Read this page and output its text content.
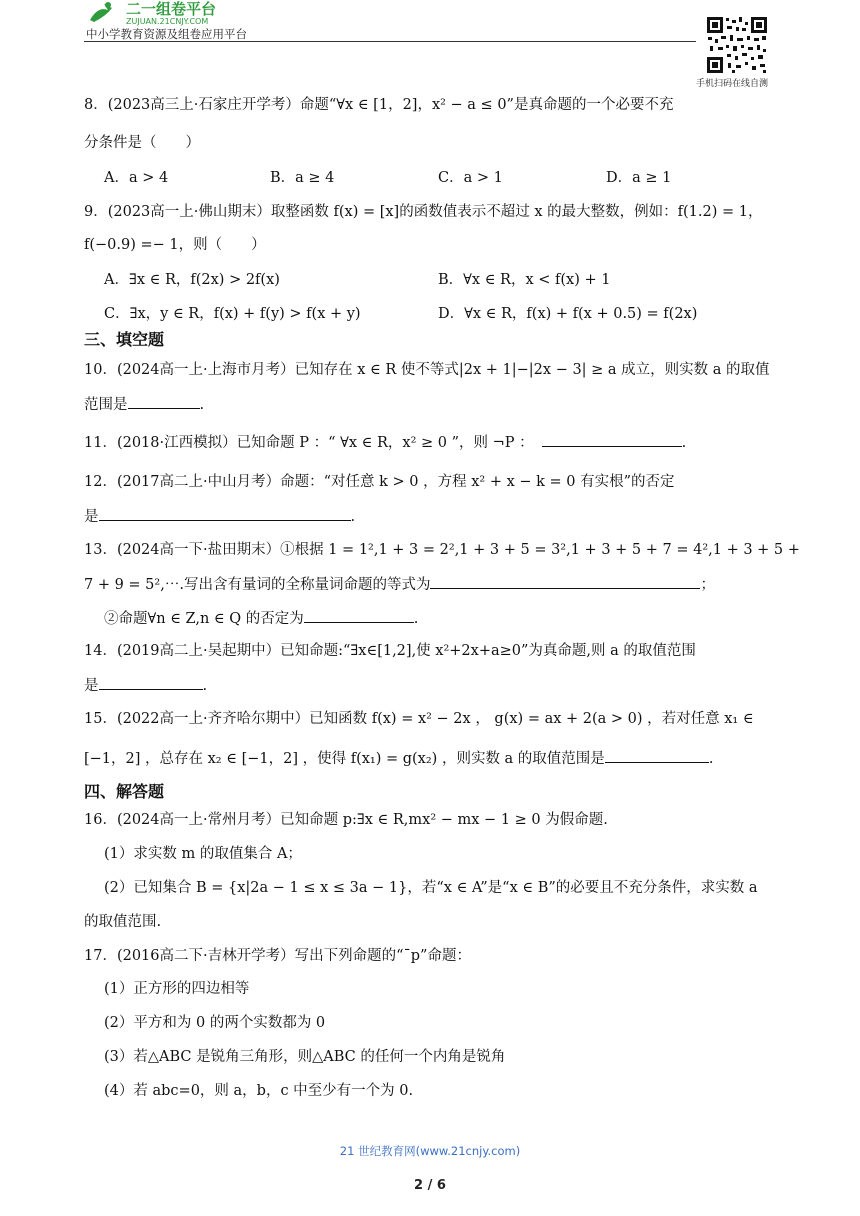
二一组卷平台
ZUJUAN.21CNJY.COM
中小学教育资源及组卷应用平台
手机扫码在线自测
8．(2023高三上·石家庄开学考）命题“∀x ∈ [1，2]，x² − a ≤ 0”是真命题的一个必要不充
分条件是（　　）
A．a > 4	B．a ≥ 4	C．a > 1	D．a ≥ 1
9．(2023高一上·佛山期末）取整函数 f(x) = [x]的函数值表示不超过 x 的最大整数，例如：f(1.2) = 1，
f(−0.9) =− 1，则（　　）
A．∃x ∈ R，f(2x) > 2f(x)	B．∀x ∈ R，x < f(x) + 1
C．∃x，y ∈ R，f(x) + f(y) > f(x + y)	D．∀x ∈ R，f(x) + f(x + 0.5) = f(2x)
三、填空题
10．(2024高一上·上海市月考）已知存在 x ∈ R 使不等式|2x + 1|−|2x − 3| ≥ a 成立，则实数 a 的取值
范围是	.
11．(2018·江西模拟）已知命题 P ：“ ∀x ∈ R，x² ≥ 0 ”，则 ¬P ：	.
12．(2017高二上·中山月考）命题：“对任意 k > 0 ，方程 x² + x − k = 0 有实根”的否定
是	.
13．(2024高一下·盐田期末）①根据 1 = 1²,1 + 3 = 2²,1 + 3 + 5 = 3²,1 + 3 + 5 + 7 = 4²,1 + 3 + 5 +
7 + 9 = 5²,⋯.写出含有量词的全称量词命题的等式为	；
②命题∀n ∈ Z,n ∈ Q 的否定为	.
14．(2019高二上·吴起期中）已知命题:“∃x∈[1,2],使 x²+2x+a≥0”为真命题,则 a 的取值范围
是	.
15．(2022高一上·齐齐哈尔期中）已知函数 f(x) = x² − 2x ， g(x) = ax + 2(a > 0) ，若对任意 x₁ ∈
[−1，2] ，总存在 x₂ ∈ [−1，2] ，使得 f(x₁) = g(x₂) ，则实数 a 的取值范围是	.
四、解答题
16．(2024高一上·常州月考）已知命题 p:∃x ∈ R,mx² − mx − 1 ≥ 0 为假命题.
(1）求实数 m 的取值集合 A；
(2）已知集合 B = {x|2a − 1 ≤ x ≤ 3a − 1}，若“x ∈ A”是“x ∈ B”的必要且不充分条件，求实数 a
的取值范围.
17．(2016高二下·吉林开学考）写出下列命题的“¯p”命题：
(1）正方形的四边相等
(2）平方和为 0 的两个实数都为 0
(3）若△ABC 是锐角三角形，则△ABC 的任何一个内角是锐角
(4）若 abc=0，则 a，b，c 中至少有一个为 0.
21 世纪教育网(www.21cnjy.com)
2 / 6
